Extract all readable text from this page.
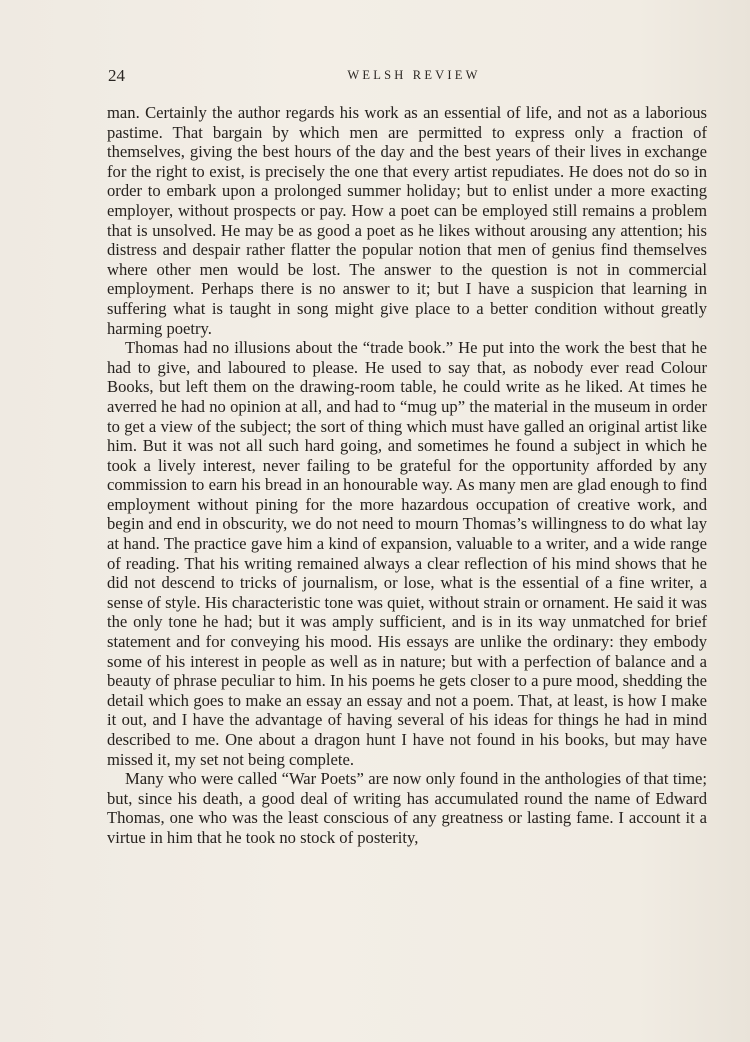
24	WELSH REVIEW

man. Certainly the author regards his work as an essential of life, and not as a laborious pastime. That bargain by which men are permitted to express only a fraction of themselves, giving the best hours of the day and the best years of their lives in exchange for the right to exist, is precisely the one that every artist repudiates. He does not do so in order to embark upon a prolonged summer holiday; but to enlist under a more exacting employer, without prospects or pay. How a poet can be employed still remains a problem that is unsolved. He may be as good a poet as he likes without arousing any attention; his distress and despair rather flatter the popular notion that men of genius find themselves where other men would be lost. The answer to the question is not in commercial employment. Perhaps there is no answer to it; but I have a suspicion that learning in suffering what is taught in song might give place to a better condition without greatly harming poetry.

Thomas had no illusions about the “trade book.” He put into the work the best that he had to give, and laboured to please. He used to say that, as nobody ever read Colour Books, but left them on the drawing-room table, he could write as he liked. At times he averred he had no opinion at all, and had to “mug up” the material in the museum in order to get a view of the subject; the sort of thing which must have galled an original artist like him. But it was not all such hard going, and sometimes he found a subject in which he took a lively interest, never failing to be grateful for the opportunity afforded by any commission to earn his bread in an honourable way. As many men are glad enough to find employment without pining for the more hazardous occupation of creative work, and begin and end in obscurity, we do not need to mourn Thomas’s willingness to do what lay at hand. The practice gave him a kind of expansion, valuable to a writer, and a wide range of reading. That his writing remained always a clear reflection of his mind shows that he did not descend to tricks of journalism, or lose, what is the essential of a fine writer, a sense of style. His characteristic tone was quiet, without strain or ornament. He said it was the only tone he had; but it was amply sufficient, and is in its way unmatched for brief statement and for conveying his mood. His essays are unlike the ordinary: they embody some of his interest in people as well as in nature; but with a perfection of balance and a beauty of phrase peculiar to him. In his poems he gets closer to a pure mood, shedding the detail which goes to make an essay an essay and not a poem. That, at least, is how I make it out, and I have the advantage of having several of his ideas for things he had in mind described to me. One about a dragon hunt I have not found in his books, but may have missed it, my set not being complete.

Many who were called “War Poets” are now only found in the anthologies of that time; but, since his death, a good deal of writing has accumulated round the name of Edward Thomas, one who was the least conscious of any greatness or lasting fame. I account it a virtue in him that he took no stock of posterity,
